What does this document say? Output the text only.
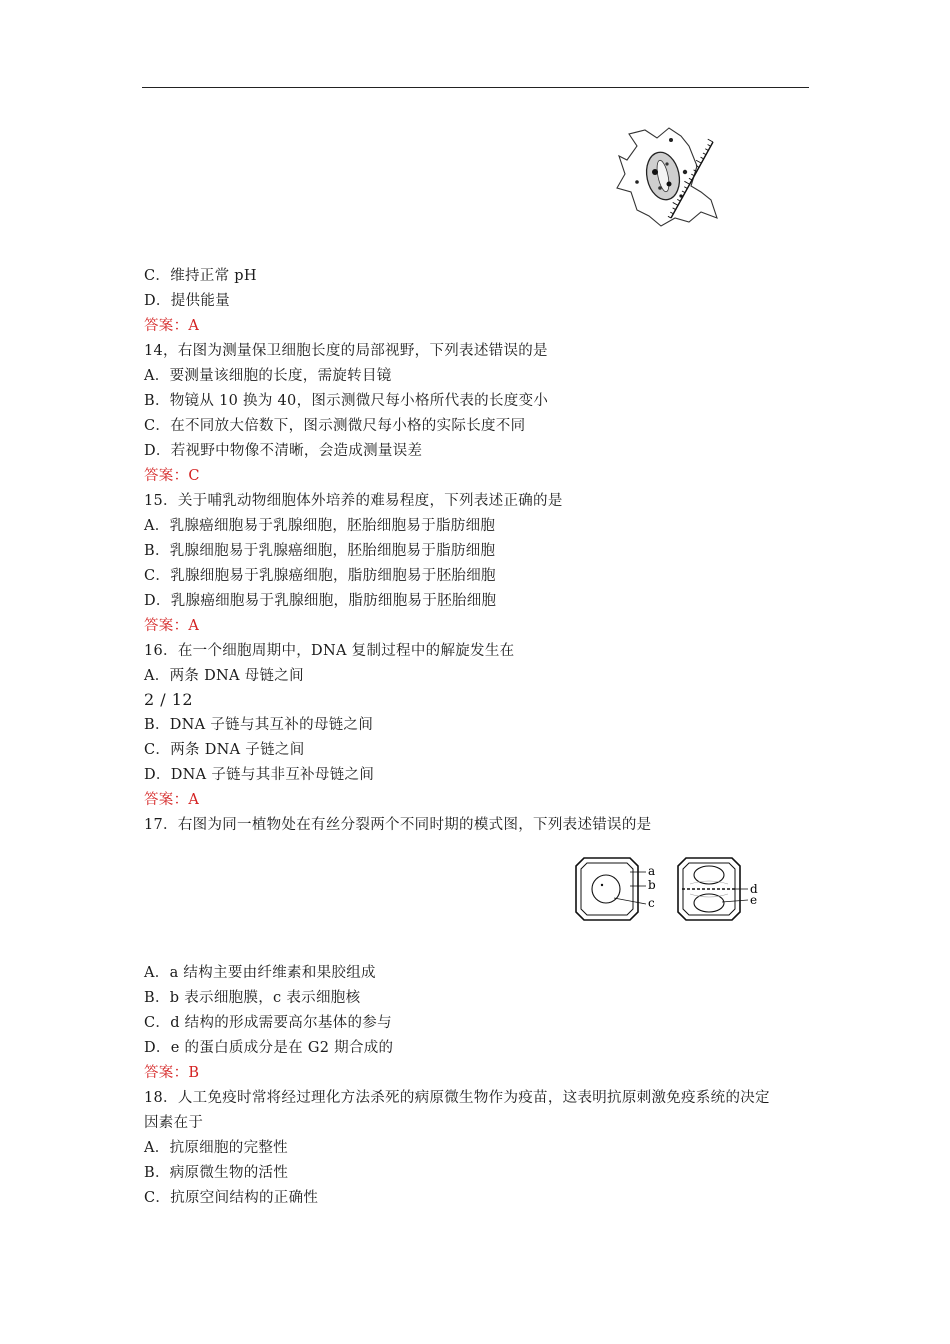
a
b
c
d
e
C．维持正常 pH
D．提供能量
答案：A
14，右图为测量保卫细胞长度的局部视野，下列表述错误的是
A．要测量该细胞的长度，需旋转目镜
B．物镜从 10 换为 40，图示测微尺每小格所代表的长度变小
C．在不同放大倍数下，图示测微尺每小格的实际长度不同
D．若视野中物像不清晰，会造成测量误差
答案：C
15．关于哺乳动物细胞体外培养的难易程度，下列表述正确的是
A．乳腺癌细胞易于乳腺细胞，胚胎细胞易于脂肪细胞
B．乳腺细胞易于乳腺癌细胞，胚胎细胞易于脂肪细胞
C．乳腺细胞易于乳腺癌细胞，脂肪细胞易于胚胎细胞
D．乳腺癌细胞易于乳腺细胞，脂肪细胞易于胚胎细胞
答案：A
16．在一个细胞周期中，DNA 复制过程中的解旋发生在
A．两条 DNA 母链之间
2 / 12
B．DNA 子链与其互补的母链之间
C．两条 DNA 子链之间
D．DNA 子链与其非互补母链之间
答案：A
17．右图为同一植物处在有丝分裂两个不同时期的模式图，下列表述错误的是
A．a 结构主要由纤维素和果胶组成
B．b 表示细胞膜，c 表示细胞核
C．d 结构的形成需要高尔基体的参与
D．e 的蛋白质成分是在 G2 期合成的
答案：B
18．人工免疫时常将经过理化方法杀死的病原微生物作为疫苗，这表明抗原刺激免疫系统的决定
因素在于
A．抗原细胞的完整性
B．病原微生物的活性
C．抗原空间结构的正确性
